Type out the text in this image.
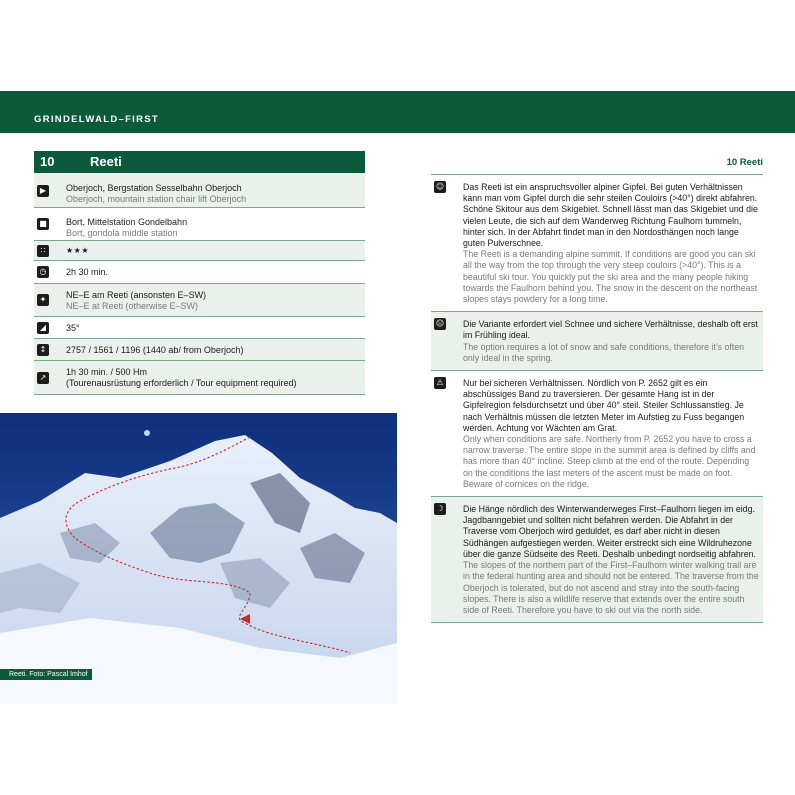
GRINDELWALD–FIRST
10	Reeti
▶	Oberjoch, Bergstation Sesselbahn Oberjoch
Oberjoch, mountain station chair lift Oberjoch
■ Bort, Mittelstation Gondelbahn
Bort, gondola middle station
∷	★★★
◷ 2h 30 min.
✦ NE–E am Reeti (ansonsten E–SW)
NE–E at Reeti (otherwise E–SW)
◢	35°
↕ 2757 / 1561 / 1196 (1440 ab/ from Oberjoch)
↗ 1h 30 min. / 500 Hm
(Tourenausrüstung erforderlich / Tour equipment required)
Reeti. Foto: Pascal Imhof
10 Reeti
☺ Das Reeti ist ein anspruchsvoller alpiner Gipfel. Bei guten Verhältnissen kann man vom Gipfel durch die sehr steilen Couloirs (>40°) direkt abfahren. Schöne Skitour aus dem Skigebiet. Schnell lässt man das Skigebiet und die vielen Leute, die sich auf dem Wanderweg Richtung Faulhorn tummeln, hinter sich. In der Abfahrt findet man in den Nordosthängen noch lange guten Pulverschnee.
The Reeti is a demanding alpine summit. If conditions are good you can ski all the way from the top through the very steep couloirs (>40°). This is a beautiful ski tour. You quickly put the ski area and the many people hiking towards the Faulhorn behind you. The snow in the descent on the northeast slopes stays powdery for a long time.
☹ Die Variante erfordert viel Schnee und sichere Verhältnisse, deshalb oft erst im Frühling ideal.
The option requires a lot of snow and safe conditions, therefore it’s often only ideal in the spring.
⚠ Nur bei sicheren Verhältnissen. Nördlich von P. 2652 gilt es ein abschüssiges Band zu traversieren. Der gesamte Hang ist in der Gipfelregion felsdurchsetzt und über 40° steil. Steiler Schlussanstieg. Je nach Verhältnis müssen die letzten Meter im Aufstieg zu Fuss begangen werden. Achtung vor Wächten am Grat.
Only when conditions are safe. Northerly from P. 2652 you have to cross a narrow traverse. The entire slope in the summit area is defined by cliffs and has more than 40° incline. Steep climb at the end of the route. Depending on the conditions the last meters of the ascent must be made on foot. Beware of cornices on the ridge.
☽ Die Hänge nördlich des Winterwanderweges First–Faulhorn liegen im eidg. Jagdbanngebiet und sollten nicht befahren werden. Die Abfahrt in der Traverse vom Oberjoch wird geduldet, es darf aber nicht in diesen Südhängen aufgestiegen werden. Weiter erstreckt sich eine Wildruhezone über die ganze Südseite des Reeti. Deshalb unbedingt nordseitig abfahren.
The slopes of the northern part of the First–Faulhorn winter walking trail are in the federal hunting area and should not be entered. The traverse from the Oberjoch is tolerated, but do not ascend and stray into the south-facing slopes. There is also a wildlife reserve that extends over the entire south side of Reeti. Therefore you have to ski out via the north side.
